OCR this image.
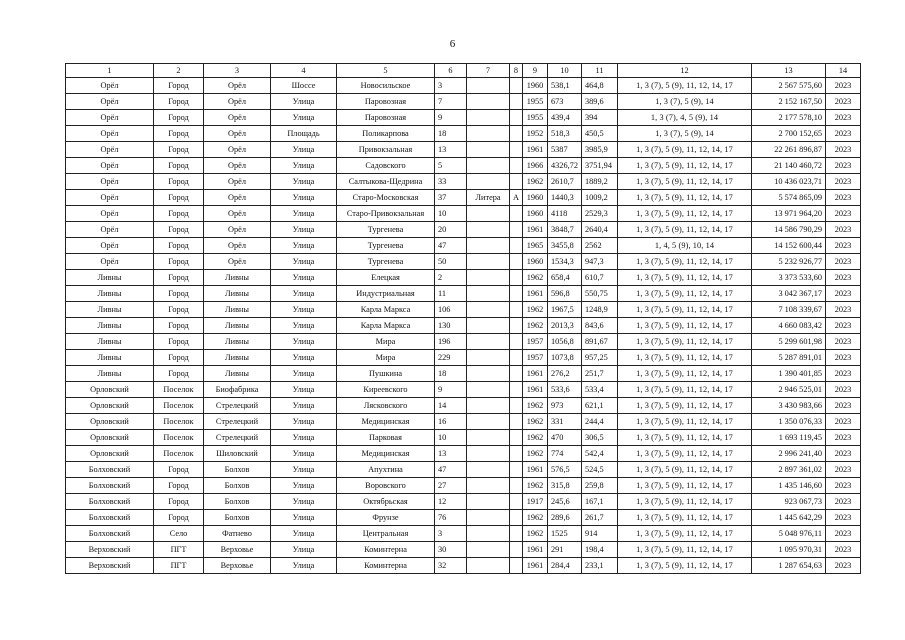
6
1	2	3	4	5	6	7	8	9	10	11	12	13	14
Орёл	Город	Орёл	Шоссе	Новосильское	3			1960	538,1	464,8	1, 3 (7), 5 (9), 11, 12, 14, 17	2 567 575,60	2023
Орёл	Город	Орёл	Улица	Паровозная	7			1955	673	389,6	1, 3 (7), 5 (9), 14	2 152 167,50	2023
Орёл	Город	Орёл	Улица	Паровозная	9			1955	439,4	394	1, 3 (7), 4, 5 (9), 14	2 177 578,10	2023
Орёл	Город	Орёл	Площадь	Поликарпова	18			1952	518,3	450,5	1, 3 (7), 5 (9), 14	2 700 152,65	2023
Орёл	Город	Орёл	Улица	Привокзальная	13			1961	5387	3985,9	1, 3 (7), 5 (9), 11, 12, 14, 17	22 261 896,87	2023
Орёл	Город	Орёл	Улица	Садовского	5			1966	4326,72	3751,94	1, 3 (7), 5 (9), 11, 12, 14, 17	21 140 460,72	2023
Орёл	Город	Орёл	Улица	Салтыкова-Щедрина	33			1962	2610,7	1889,2	1, 3 (7), 5 (9), 11, 12, 14, 17	10 436 023,71	2023
Орёл	Город	Орёл	Улица	Старо-Московская	37	Литера	А	1960	1440,3	1009,2	1, 3 (7), 5 (9), 11, 12, 14, 17	5 574 865,09	2023
Орёл	Город	Орёл	Улица	Старо-Привокзальная	10			1960	4118	2529,3	1, 3 (7), 5 (9), 11, 12, 14, 17	13 971 964,20	2023
Орёл	Город	Орёл	Улица	Тургенева	20			1961	3848,7	2640,4	1, 3 (7), 5 (9), 11, 12, 14, 17	14 586 790,29	2023
Орёл	Город	Орёл	Улица	Тургенева	47			1965	3455,8	2562	1, 4, 5 (9), 10, 14	14 152 600,44	2023
Орёл	Город	Орёл	Улица	Тургенева	50			1960	1534,3	947,3	1, 3 (7), 5 (9), 11, 12, 14, 17	5 232 926,77	2023
Ливны	Город	Ливны	Улица	Елецкая	2			1962	658,4	610,7	1, 3 (7), 5 (9), 11, 12, 14, 17	3 373 533,60	2023
Ливны	Город	Ливны	Улица	Индустриальная	11			1961	596,8	550,75	1, 3 (7), 5 (9), 11, 12, 14, 17	3 042 367,17	2023
Ливны	Город	Ливны	Улица	Карла Маркса	106			1962	1967,5	1248,9	1, 3 (7), 5 (9), 11, 12, 14, 17	7 108 339,67	2023
Ливны	Город	Ливны	Улица	Карла Маркса	130			1962	2013,3	843,6	1, 3 (7), 5 (9), 11, 12, 14, 17	4 660 083,42	2023
Ливны	Город	Ливны	Улица	Мира	196			1957	1056,8	891,67	1, 3 (7), 5 (9), 11, 12, 14, 17	5 299 601,98	2023
Ливны	Город	Ливны	Улица	Мира	229			1957	1073,8	957,25	1, 3 (7), 5 (9), 11, 12, 14, 17	5 287 891,01	2023
Ливны	Город	Ливны	Улица	Пушкина	18			1961	276,2	251,7	1, 3 (7), 5 (9), 11, 12, 14, 17	1 390 401,85	2023
Орловский	Поселок	Биофабрика	Улица	Киреевского	9			1961	533,6	533,4	1, 3 (7), 5 (9), 11, 12, 14, 17	2 946 525,01	2023
Орловский	Поселок	Стрелецкий	Улица	Лясковского	14			1962	973	621,1	1, 3 (7), 5 (9), 11, 12, 14, 17	3 430 983,66	2023
Орловский	Поселок	Стрелецкий	Улица	Медицинская	16			1962	331	244,4	1, 3 (7), 5 (9), 11, 12, 14, 17	1 350 076,33	2023
Орловский	Поселок	Стрелецкий	Улица	Парковая	10			1962	470	306,5	1, 3 (7), 5 (9), 11, 12, 14, 17	1 693 119,45	2023
Орловский	Поселок	Шиловский	Улица	Медицинская	13			1962	774	542,4	1, 3 (7), 5 (9), 11, 12, 14, 17	2 996 241,40	2023
Болховский	Город	Болхов	Улица	Апухтина	47			1961	576,5	524,5	1, 3 (7), 5 (9), 11, 12, 14, 17	2 897 361,02	2023
Болховский	Город	Болхов	Улица	Воровского	27			1962	315,8	259,8	1, 3 (7), 5 (9), 11, 12, 14, 17	1 435 146,60	2023
Болховский	Город	Болхов	Улица	Октябрьская	12			1917	245,6	167,1	1, 3 (7), 5 (9), 11, 12, 14, 17	923 067,73	2023
Болховский	Город	Болхов	Улица	Фрунзе	76			1962	289,6	261,7	1, 3 (7), 5 (9), 11, 12, 14, 17	1 445 642,29	2023
Болховский	Село	Фатнево	Улица	Центральная	3			1962	1525	914	1, 3 (7), 5 (9), 11, 12, 14, 17	5 048 976,11	2023
Верховский	ПГТ	Верховье	Улица	Коминтерна	30			1961	291	198,4	1, 3 (7), 5 (9), 11, 12, 14, 17	1 095 970,31	2023
Верховский	ПГТ	Верховье	Улица	Коминтерна	32			1961	284,4	233,1	1, 3 (7), 5 (9), 11, 12, 14, 17	1 287 654,63	2023
